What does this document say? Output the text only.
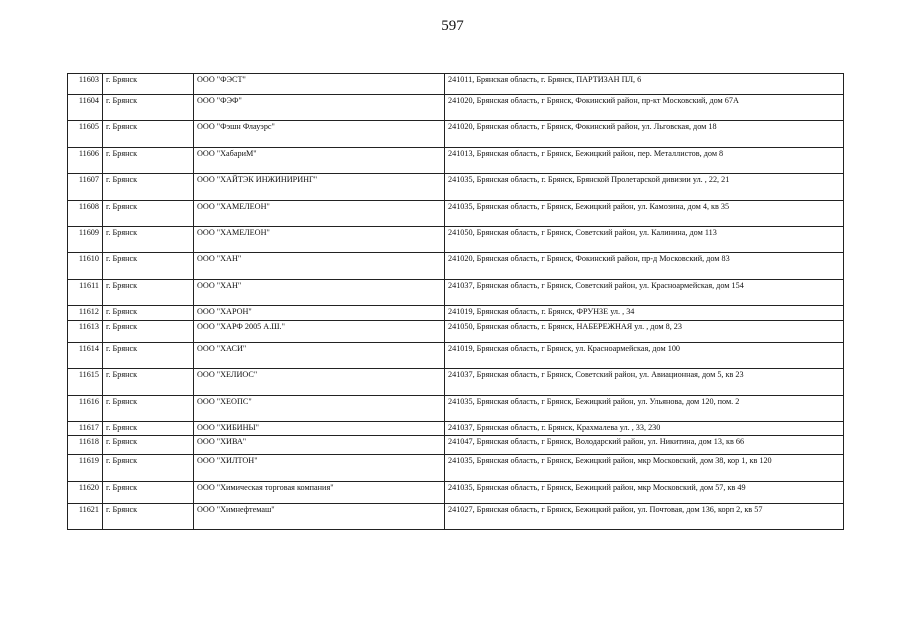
597
11603	г. Брянск	ООО "ФЭСТ"	241011, Брянская область, г. Брянск, ПАРТИЗАН ПЛ, 6
11604	г. Брянск	ООО "ФЭФ"	241020, Брянская область, г Брянск, Фокинский район, пр-кт Московский, дом 67А
11605	г. Брянск	ООО "Фэшн Флауэрс"	241020, Брянская область, г Брянск, Фокинский район, ул. Льговская, дом 18
11606	г. Брянск	ООО "ХабариМ"	241013, Брянская область, г Брянск, Бежицкий район, пер. Металлистов, дом 8
11607	г. Брянск	ООО "ХАЙТЭК ИНЖИНИРИНГ"	241035, Брянская область, г. Брянск, Брянской Пролетарской дивизии ул. , 22, 21
11608	г. Брянск	ООО "ХАМЕЛЕОН"	241035, Брянская область, г Брянск, Бежицкий район, ул. Камозина, дом 4, кв 35
11609	г. Брянск	ООО "ХАМЕЛЕОН"	241050, Брянская область, г Брянск, Советский район, ул. Калинина, дом 113
11610	г. Брянск	ООО "ХАН"	241020, Брянская область, г Брянск, Фокинский район, пр-д Московский, дом 83
11611	г. Брянск	ООО "ХАН"	241037, Брянская область, г Брянск, Советский район, ул. Красноармейская, дом 154
11612	г. Брянск	ООО "ХАРОН"	241019, Брянская область, г. Брянск, ФРУНЗЕ ул. , 34
11613	г. Брянск	ООО "ХАРФ 2005 А.Ш."	241050, Брянская область, г. Брянск, НАБЕРЕЖНАЯ ул. , дом 8, 23
11614	г. Брянск	ООО "ХАСИ"	241019, Брянская область, г Брянск, ул. Красноармейская, дом 100
11615	г. Брянск	ООО "ХЕЛИОС"	241037, Брянская область, г Брянск, Советский район, ул. Авиационная, дом 5, кв 23
11616	г. Брянск	ООО "ХЕОПС"	241035, Брянская область, г Брянск, Бежицкий район, ул. Ульянова, дом 120, пом. 2
11617	г. Брянск	ООО "ХИБИНЫ"	241037, Брянская область, г. Брянск, Крахмалева ул. , 33, 230
11618	г. Брянск	ООО "ХИВА"	241047, Брянская область, г Брянск, Володарский район, ул. Никитина, дом 13, кв 66
11619	г. Брянск	ООО "ХИЛТОН"	241035, Брянская область, г Брянск, Бежицкий район, мкр Московский, дом 38, кор 1, кв 120
11620	г. Брянск	ООО "Химическая торговая компания"	241035, Брянская область, г Брянск, Бежицкий район, мкр Московский, дом 57, кв 49
11621	г. Брянск	ООО "Химнефтемаш"	241027, Брянская область, г Брянск, Бежицкий район, ул. Почтовая, дом 136, корп 2, кв 57
